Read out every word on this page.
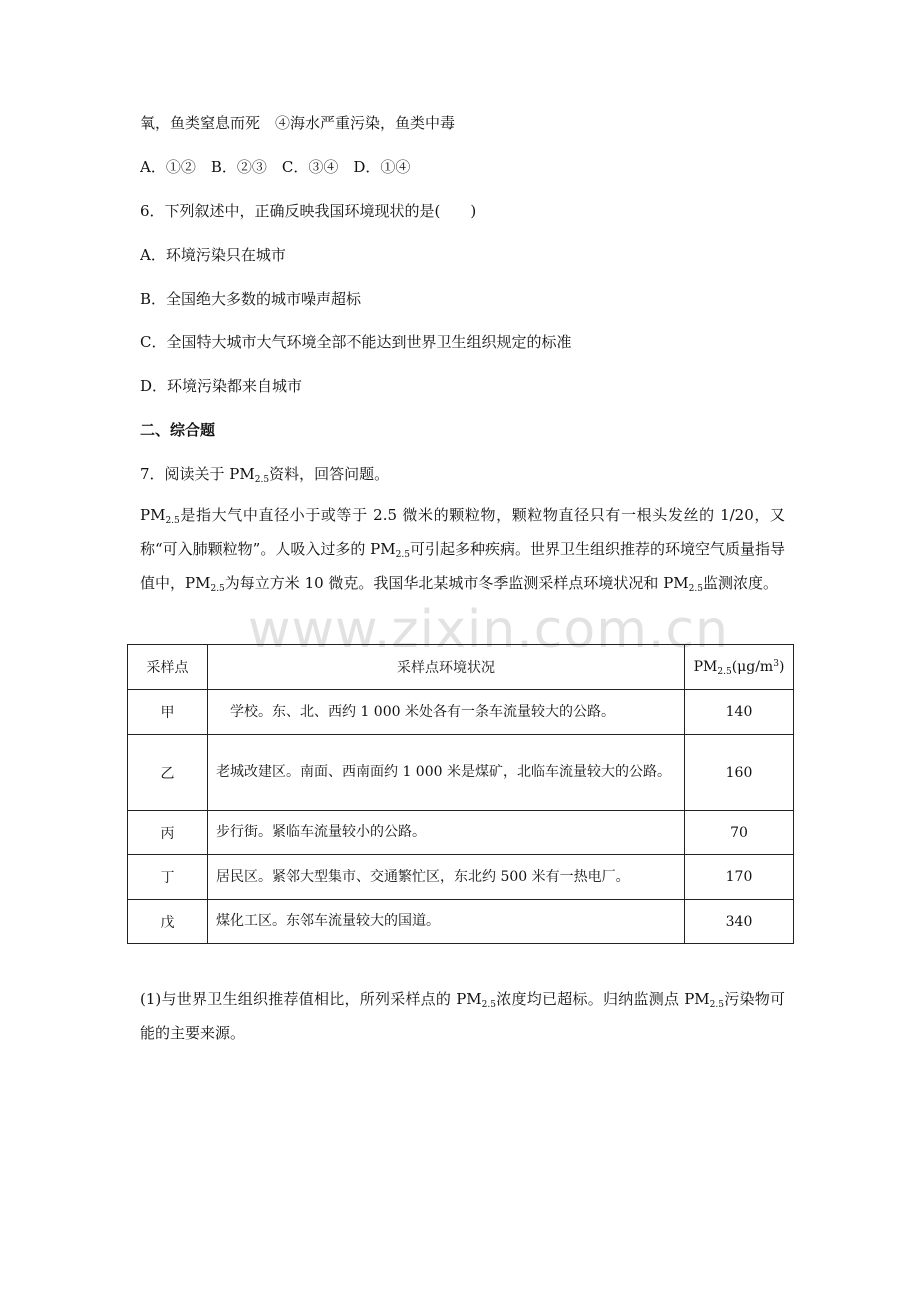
www.zixin.com.cn

氧，鱼类窒息而死　④海水严重污染，鱼类中毒

A．①②　B．②③　C．③④　D．①④

6．下列叙述中，正确反映我国环境现状的是(　　)

A．环境污染只在城市

B．全国绝大多数的城市噪声超标

C．全国特大城市大气环境全部不能达到世界卫生组织规定的标准

D．环境污染都来自城市

二、综合题

7．阅读关于 $PM_{2.5}$资料，回答问题。

$PM_{2.5}$是指大气中直径小于或等于 2.5 微米的颗粒物，颗粒物直径只有一根头发丝的 1/20，又称“可入肺颗粒物”。人吸入过多的 $PM_{2.5}$可引起多种疾病。世界卫生组织推荐的环境空气质量指导值中，$PM_{2.5}$为每立方米 10 微克。我国华北某城市冬季监测采样点环境状况和 $PM_{2.5}$监测浓度。

采样点	采样点环境状况	$PM_{2.5}(\mu g/m^3)$
甲	学校。东、北、西约 1 000 米处各有一条车流量较大的公路。	140
乙	老城改建区。南面、西南面约 1 000 米是煤矿，北临车流量较大的公路。	160
丙	步行街。紧临车流量较小的公路。	70
丁	居民区。紧邻大型集市、交通繁忙区，东北约 500 米有一热电厂。	170
戊	煤化工区。东邻车流量较大的国道。	340

(1)与世界卫生组织推荐值相比，所列采样点的 $PM_{2.5}$浓度均已超标。归纳监测点 $PM_{2.5}$污染物可能的主要来源。
